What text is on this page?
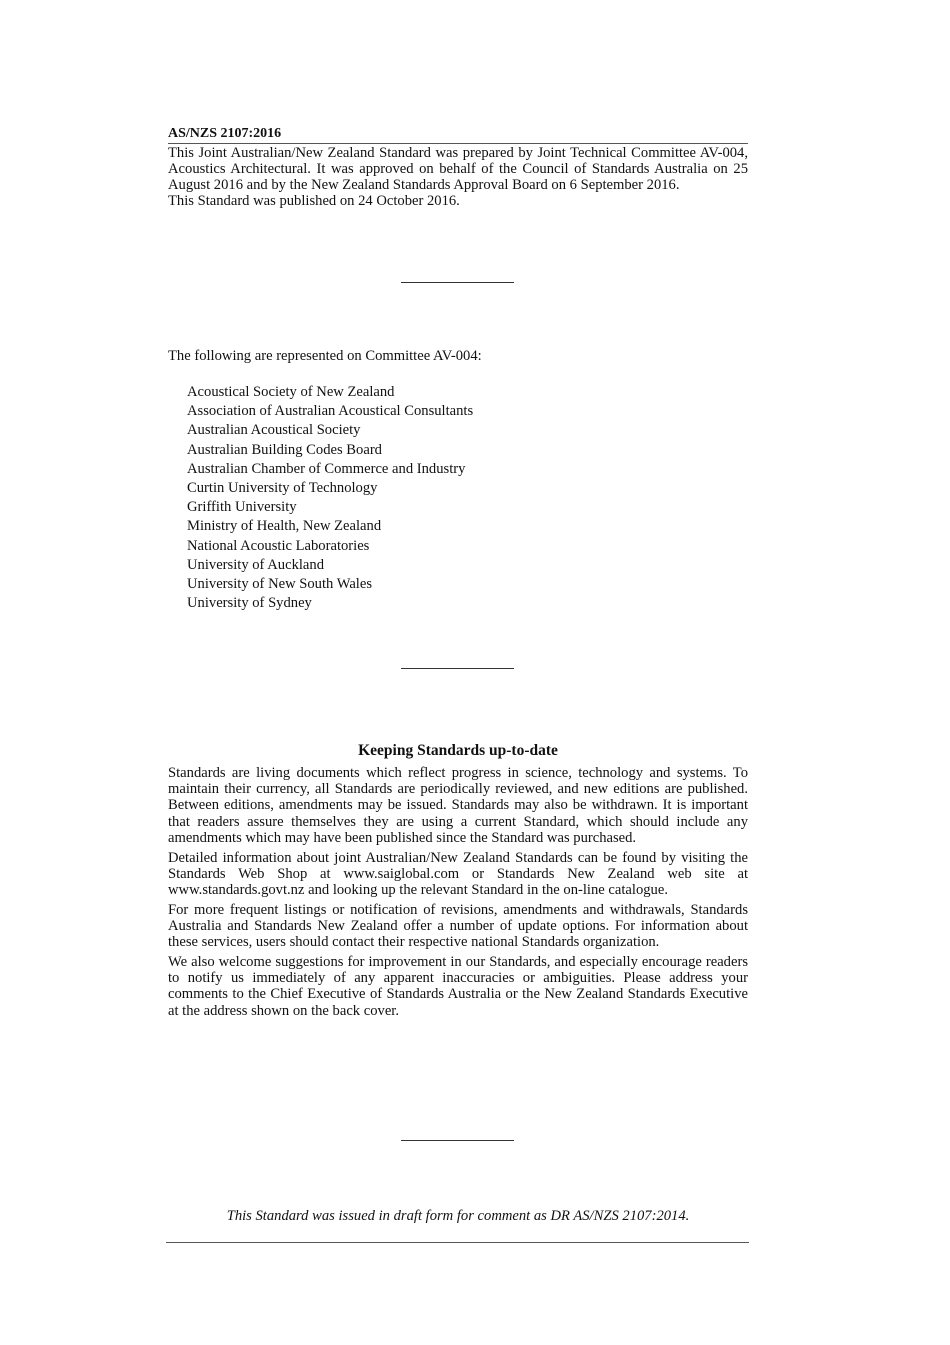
AS/NZS 2107:2016

This Joint Australian/New Zealand Standard was prepared by Joint Technical Committee AV-004, Acoustics Architectural. It was approved on behalf of the Council of Standards Australia on 25 August 2016 and by the New Zealand Standards Approval Board on 6 September 2016.

This Standard was published on 24 October 2016.

The following are represented on Committee AV-004:
Acoustical Society of New Zealand
Association of Australian Acoustical Consultants
Australian Acoustical Society
Australian Building Codes Board
Australian Chamber of Commerce and Industry
Curtin University of Technology
Griffith University
Ministry of Health, New Zealand
National Acoustic Laboratories
University of Auckland
University of New South Wales
University of Sydney
Keeping Standards up-to-date

Standards are living documents which reflect progress in science, technology and systems. To maintain their currency, all Standards are periodically reviewed, and new editions are published. Between editions, amendments may be issued. Standards may also be withdrawn. It is important that readers assure themselves they are using a current Standard, which should include any amendments which may have been published since the Standard was purchased.

Detailed information about joint Australian/New Zealand Standards can be found by visiting the Standards Web Shop at www.saiglobal.com or Standards New Zealand web site at www.standards.govt.nz and looking up the relevant Standard in the on-line catalogue.

For more frequent listings or notification of revisions, amendments and withdrawals, Standards Australia and Standards New Zealand offer a number of update options. For information about these services, users should contact their respective national Standards organization.

We also welcome suggestions for improvement in our Standards, and especially encourage readers to notify us immediately of any apparent inaccuracies or ambiguities. Please address your comments to the Chief Executive of Standards Australia or the New Zealand Standards Executive at the address shown on the back cover.

This Standard was issued in draft form for comment as DR AS/NZS 2107:2014.
